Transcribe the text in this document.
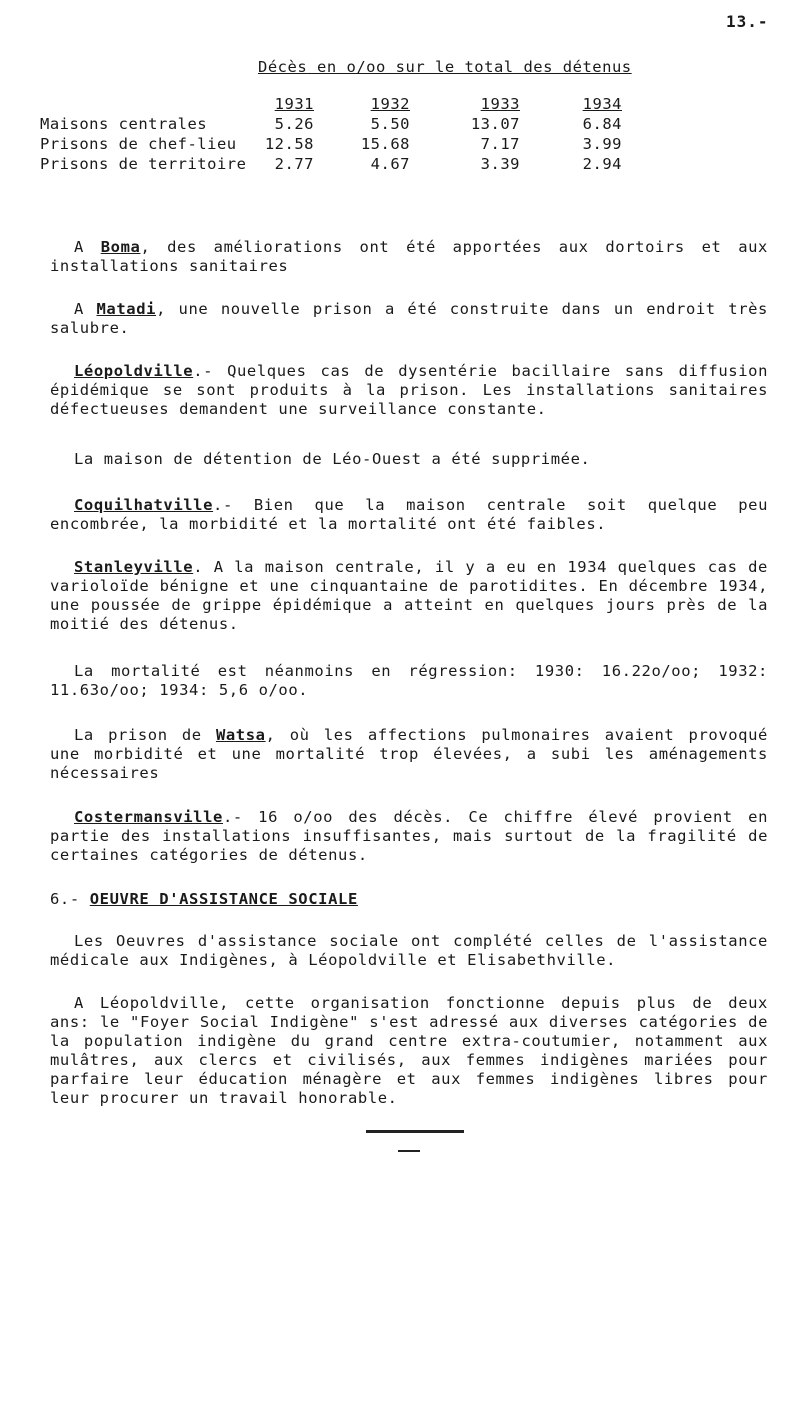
13.-
Décès en o/oo sur le total des détenus
	1931	1932	1933	1934
Maisons centrales	5.26	5.50	13.07	6.84
Prisons de chef-lieu	12.58	15.68	7.17	3.99
Prisons de territoire	2.77	4.67	3.39	2.94
A Boma, des améliorations ont été apportées aux dortoirs et aux installations sanitaires
A Matadi, une nouvelle prison a été construite dans un endroit très salubre.
Léopoldville.- Quelques cas de dysentérie bacillaire sans diffusion épidémique se sont produits à la prison. Les installations sanitaires défectueuses demandent une surveillance constante.
La maison de détention de Léo-Ouest a été supprimée.
Coquilhatville.- Bien que la maison centrale soit quelque peu encombrée, la morbidité et la mortalité ont été faibles.
Stanleyville. A la maison centrale, il y a eu en 1934 quelques cas de varioloïde bénigne et une cinquantaine de parotidites. En décembre 1934, une poussée de grippe épidémique a atteint en quelques jours près de la moitié des détenus.
La mortalité est néanmoins en régression: 1930: 16.22o/oo; 1932: 11.63o/oo; 1934: 5,6 o/oo.
La prison de Watsa, où les affections pulmonaires avaient provoqué une morbidité et une mortalité trop élevées, a subi les aménagements nécessaires
Costermansville.- 16 o/oo des décès. Ce chiffre élevé provient en partie des installations insuffisantes, mais surtout de la fragilité de certaines catégories de détenus.
6.- OEUVRE D'ASSISTANCE SOCIALE
Les Oeuvres d'assistance sociale ont complété celles de l'assistance médicale aux Indigènes, à Léopoldville et Elisabethville.
A Léopoldville, cette organisation fonctionne depuis plus de deux ans: le "Foyer Social Indigène" s'est adressé aux diverses catégories de la population indigène du grand centre extra-coutumier, notamment aux mulâtres, aux clercs et civilisés, aux femmes indigènes mariées pour parfaire leur éducation ménagère et aux femmes indigènes libres pour leur procurer un travail honorable.
